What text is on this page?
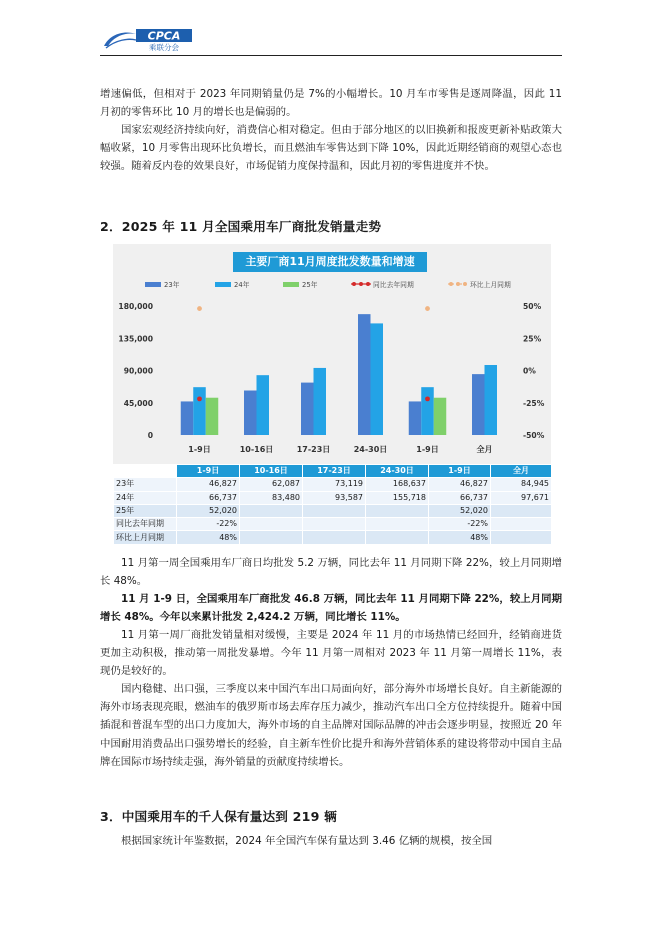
CPCA
乘联分会

增速偏低，但相对于 2023 年同期销量仍是 7%的小幅增长。10 月车市零售是逐周降温，因此 11 月初的零售环比 10 月的增长也是偏弱的。

国家宏观经济持续向好，消费信心相对稳定。但由于部分地区的以旧换新和报废更新补贴政策大幅收紧，10 月零售出现环比负增长，而且燃油车零售达到下降 10%，因此近期经销商的观望心态也较强。随着反内卷的效果良好，市场促销力度保持温和，因此月初的零售进度并不快。

2．2025 年 11 月全国乘用车厂商批发销量走势
主要厂商11月周度批发数量和增速
23年	24年	25年	同比去年同期	环比上月同期
180,000
135,000
90,000
45,000
0
50%
25%
0%
-25%
-50%
1-9日	10-16日	17-23日	24-30日	1-9日	全月
	1-9日	10-16日	17-23日	24-30日	1-9日	全月
23年	46,827	62,087	73,119	168,637	46,827	84,945
24年	66,737	83,480	93,587	155,718	66,737	97,671
25年	52,020				52,020	
同比去年同期	-22%				-22%	
环比上月同期	48%				48%	

11 月第一周全国乘用车厂商日均批发 5.2 万辆，同比去年 11 月同期下降 22%，较上月同期增长 48%。

11 月 1-9 日，全国乘用车厂商批发 46.8 万辆，同比去年 11 月同期下降 22%，较上月同期增长 48%。今年以来累计批发 2,424.2 万辆，同比增长 11%。

11 月第一周厂商批发销量相对缓慢，主要是 2024 年 11 月的市场热情已经回升，经销商进货更加主动积极，推动第一周批发暴增。今年 11 月第一周相对 2023 年 11 月第一周增长 11%，表现仍是较好的。

国内稳健、出口强，三季度以来中国汽车出口局面向好，部分海外市场增长良好。自主新能源的海外市场表现亮眼，燃油车的俄罗斯市场去库存压力减少，推动汽车出口全方位持续提升。随着中国插混和普混车型的出口力度加大，海外市场的自主品牌对国际品牌的冲击会逐步明显，按照近 20 年中国耐用消费品出口强势增长的经验，自主新车性价比提升和海外营销体系的建设将带动中国自主品牌在国际市场持续走强，海外销量的贡献度持续增长。

3．中国乘用车的千人保有量达到 219 辆

根据国家统计年鉴数据，2024 年全国汽车保有量达到 3.46 亿辆的规模，按全国
